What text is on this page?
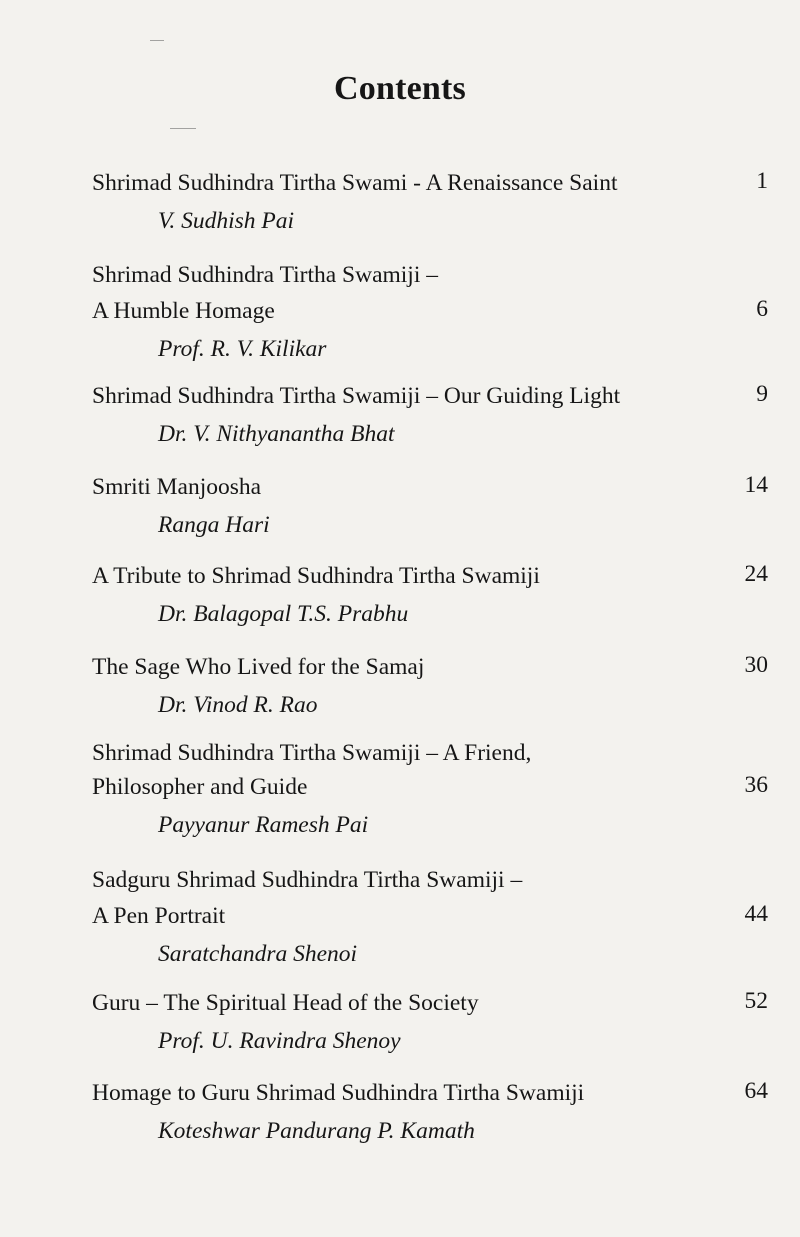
Contents
Shrimad Sudhindra Tirtha Swami - A Renaissance Saint	1
V. Sudhish Pai
Shrimad Sudhindra Tirtha Swamiji –
A Humble Homage	6
Prof. R. V. Kilikar
Shrimad Sudhindra Tirtha Swamiji – Our Guiding Light	9
Dr. V. Nithyanantha Bhat
Smriti Manjoosha	14
Ranga Hari
A Tribute to Shrimad Sudhindra Tirtha Swamiji	24
Dr. Balagopal T.S. Prabhu
The Sage Who Lived for the Samaj	30
Dr. Vinod R. Rao
Shrimad Sudhindra Tirtha Swamiji – A Friend,
Philosopher and Guide	36
Payyanur Ramesh Pai
Sadguru Shrimad Sudhindra Tirtha Swamiji –
A Pen Portrait	44
Saratchandra Shenoi
Guru – The Spiritual Head of the Society	52
Prof. U. Ravindra Shenoy
Homage to Guru Shrimad Sudhindra Tirtha Swamiji	64
Koteshwar Pandurang P. Kamath
